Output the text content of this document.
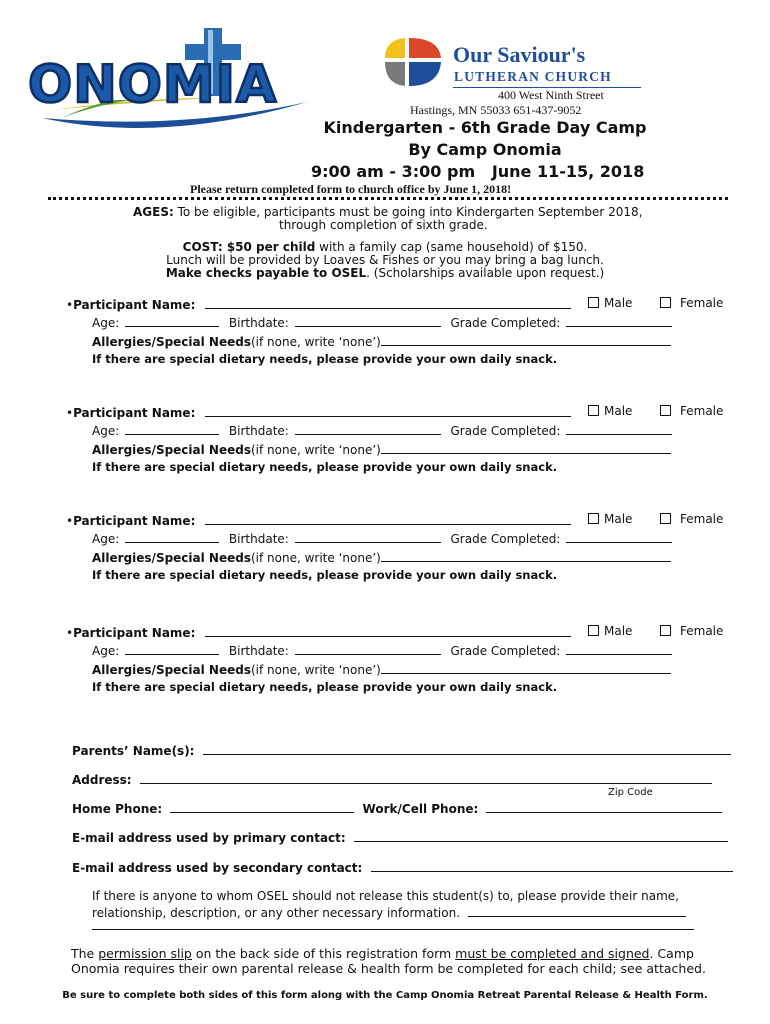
ONOMIA
Our Saviour's
LUTHERAN CHURCH
400 West Ninth Street
Hastings, MN 55033 651-437-9052
Kindergarten - 6th Grade Day Camp
By Camp Onomia
9:00 am - 3:00 pm   June 11-15, 2018
Please return completed form to church office by June 1, 2018!
AGES: To be eligible, participants must be going into Kindergarten September 2018,
through completion of sixth grade.
COST: $50 per child with a family cap (same household) of $150.
Lunch will be provided by Loaves & Fishes or you may bring a bag lunch.
Make checks payable to OSEL. (Scholarships available upon request.)
•Participant Name:	Male	Female
Age:	Birthdate:	Grade Completed:
Allergies/Special Needs(if none, write ‘none’)
If there are special dietary needs, please provide your own daily snack.
•Participant Name:	Male	Female
Age:	Birthdate:	Grade Completed:
Allergies/Special Needs(if none, write ‘none’)
If there are special dietary needs, please provide your own daily snack.
•Participant Name:	Male	Female
Age:	Birthdate:	Grade Completed:
Allergies/Special Needs(if none, write ‘none’)
If there are special dietary needs, please provide your own daily snack.
•Participant Name:	Male	Female
Age:	Birthdate:	Grade Completed:
Allergies/Special Needs(if none, write ‘none’)
If there are special dietary needs, please provide your own daily snack.
Parents’ Name(s):
Address:
Zip Code
Home Phone:	Work/Cell Phone:
E-mail address used by primary contact:
E-mail address used by secondary contact:
If there is anyone to whom OSEL should not release this student(s) to, please provide their name,
relationship, description, or any other necessary information.
The permission slip on the back side of this registration form must be completed and signed. Camp
Onomia requires their own parental release & health form be completed for each child; see attached.
Be sure to complete both sides of this form along with the Camp Onomia Retreat Parental Release & Health Form.
